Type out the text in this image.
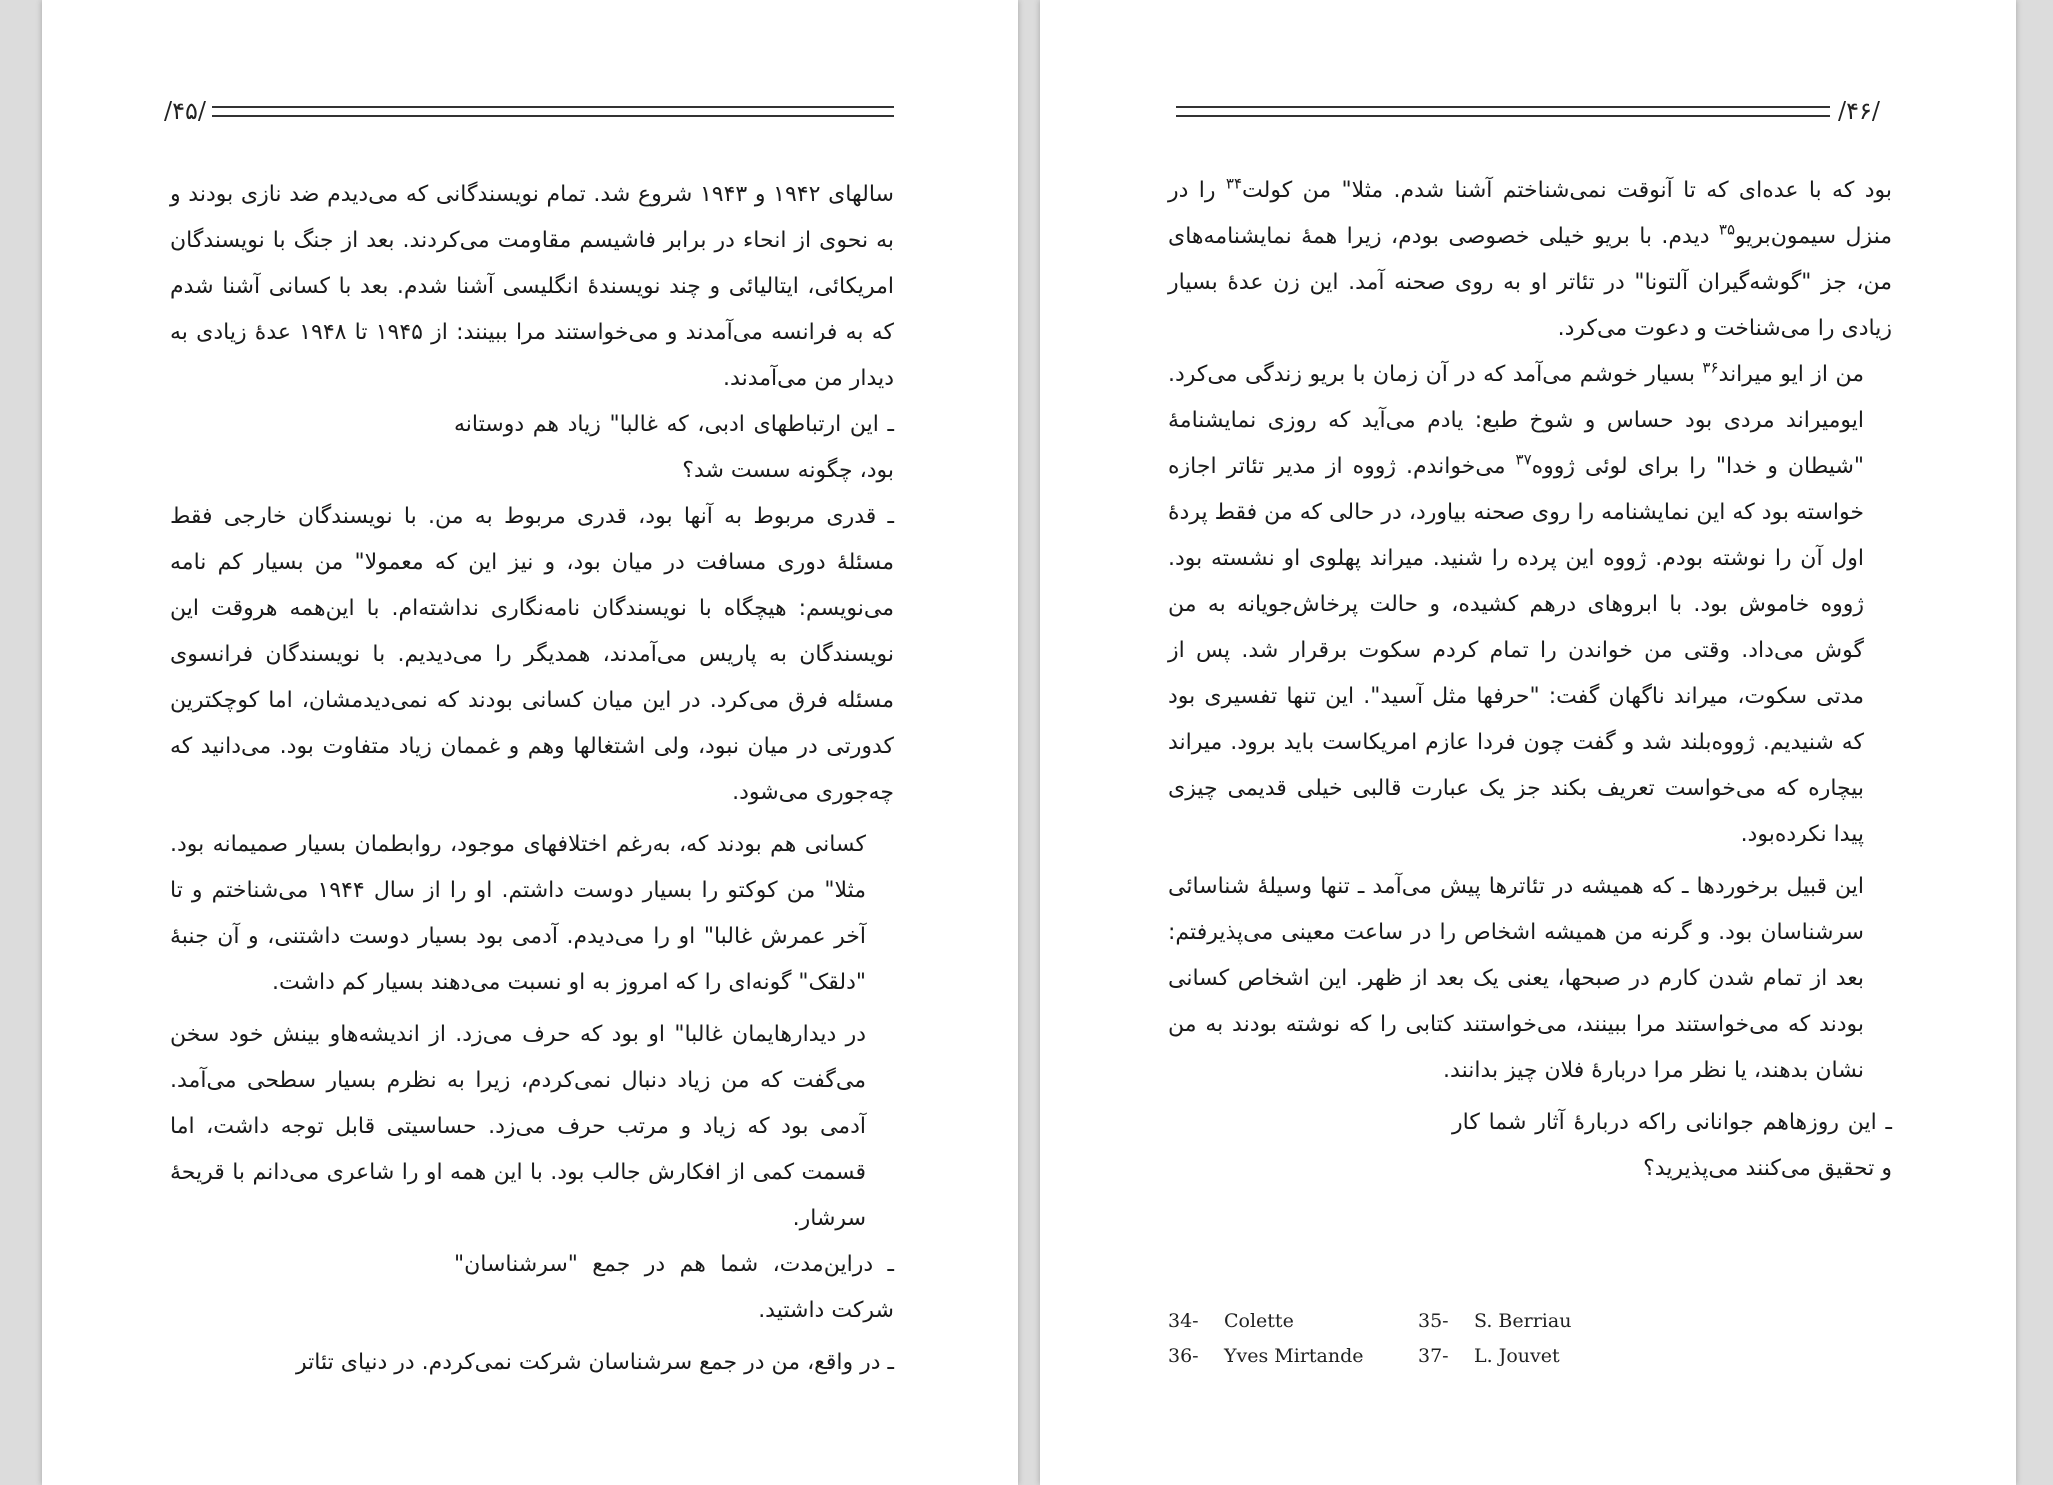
/۴۵/

سالهای ۱۹۴۲ و ۱۹۴۳ شروع شد. تمام نویسندگانی که می‌دیدم ضد نازی بودند و به نحوی از انحاء در برابر فاشیسم مقاومت می‌کردند. بعد از جنگ با نویسندگان امریکائی، ایتالیائی و چند نویسندهٔ انگلیسی آشنا شدم. بعد با کسانی آشنا شدم که به فرانسه می‌آمدند و می‌خواستند مرا ببینند: از ۱۹۴۵ تا ۱۹۴۸ عدهٔ زیادی به دیدار من می‌آمدند.

ـ این ارتباطهای ادبی، که غالبا" زیاد هم دوستانه بود، چگونه سست شد؟

ـ قدری مربوط به آنها بود، قدری مربوط به من. با نویسندگان خارجی فقط مسئلهٔ دوری مسافت در میان بود، و نیز این که معمولا" من بسیار کم نامه می‌نویسم: هیچگاه با نویسندگان نامه‌نگاری نداشته‌ام. با این‌همه هروقت این نویسندگان به پاریس می‌آمدند، همدیگر را می‌دیدیم. با نویسندگان فرانسوی مسئله فرق می‌کرد. در این میان کسانی بودند که نمی‌دیدمشان، اما کوچکترین کدورتی در میان نبود، ولی اشتغالها وهم و غممان زیاد متفاوت بود. می‌دانید که چه‌جوری می‌شود.

کسانی هم بودند که، به‌رغم اختلافهای موجود، روابطمان بسیار صمیمانه بود. مثلا" من کوکتو را بسیار دوست داشتم. او را از سال ۱۹۴۴ می‌شناختم و تا آخر عمرش غالبا" او را می‌دیدم. آدمی بود بسیار دوست داشتنی، و آن جنبهٔ "دلقک" گونه‌ای را که امروز به او نسبت می‌دهند بسیار کم داشت.

در دیدارهایمان غالبا" او بود که حرف می‌زد. از اندیشه‌هاو بینش خود سخن می‌گفت که من زیاد دنبال نمی‌کردم، زیرا به نظرم بسیار سطحی می‌آمد. آدمی بود که زیاد و مرتب حرف می‌زد. حساسیتی قابل توجه داشت، اما قسمت کمی از افکارش جالب بود. با این همه او را شاعری می‌دانم با قریحهٔ سرشار.

ـ دراین‌مدت، شما هم در جمع "سرشناسان" شرکت داشتید.

ـ در واقع، من در جمع سرشناسان شرکت نمی‌کردم. در دنیای تئاتر

/۴۶/

بود که با عده‌ای که تا آنوقت نمی‌شناختم آشنا شدم. مثلا" من کولت$^{۳۴}$ را در منزل سیمون‌بریو$^{۳۵}$ دیدم. با بریو خیلی خصوصی بودم، زیرا همهٔ نمایشنامه‌های من، جز "گوشه‌گیران آلتونا" در تئاتر او به روی صحنه آمد. این زن عدهٔ بسیار زیادی را می‌شناخت و دعوت می‌کرد.

من از ایو میراند$^{۳۶}$ بسیار خوشم می‌آمد که در آن زمان با بریو زندگی می‌کرد. ایومیراند مردی بود حساس و شوخ طبع: یادم می‌آید که روزی نمایشنامهٔ "شیطان و خدا" را برای لوئی ژووه$^{۳۷}$ می‌خواندم. ژووه از مدیر تئاتر اجازه خواسته بود که این نمایشنامه را روی صحنه بیاورد، در حالی که من فقط پردهٔ اول آن را نوشته بودم. ژووه این پرده را شنید. میراند پهلوی او نشسته بود. ژووه خاموش بود. با ابروهای درهم کشیده، و حالت پرخاش‌جویانه به من گوش می‌داد. وقتی من خواندن را تمام کردم سکوت برقرار شد. پس از مدتی سکوت، میراند ناگهان گفت: "حرفها مثل آسید". این تنها تفسیری بود که شنیدیم. ژووه‌بلند شد و گفت چون فردا عازم امریکاست باید برود. میراند بیچاره که می‌خواست تعریف بکند جز یک عبارت قالبی خیلی قدیمی چیزی پیدا نکرده‌بود.

این قبیل برخوردها ـ که همیشه در تئاترها پیش می‌آمد ـ تنها وسیلهٔ شناسائی سرشناسان بود. و گرنه من همیشه اشخاص را در ساعت معینی می‌پذیرفتم: بعد از تمام شدن کارم در صبحها، یعنی یک بعد از ظهر. این اشخاص کسانی بودند که می‌خواستند مرا ببینند، می‌خواستند کتابی را که نوشته بودند به من نشان بدهند، یا نظر مرا دربارهٔ فلان چیز بدانند.

ـ این روزهاهم جوانانی راکه دربارهٔ آثار شما کار و تحقیق می‌کنند می‌پذیرید؟

34- Colette	35- S. Berriau
36- Yves Mirtande	37- L. Jouvet
